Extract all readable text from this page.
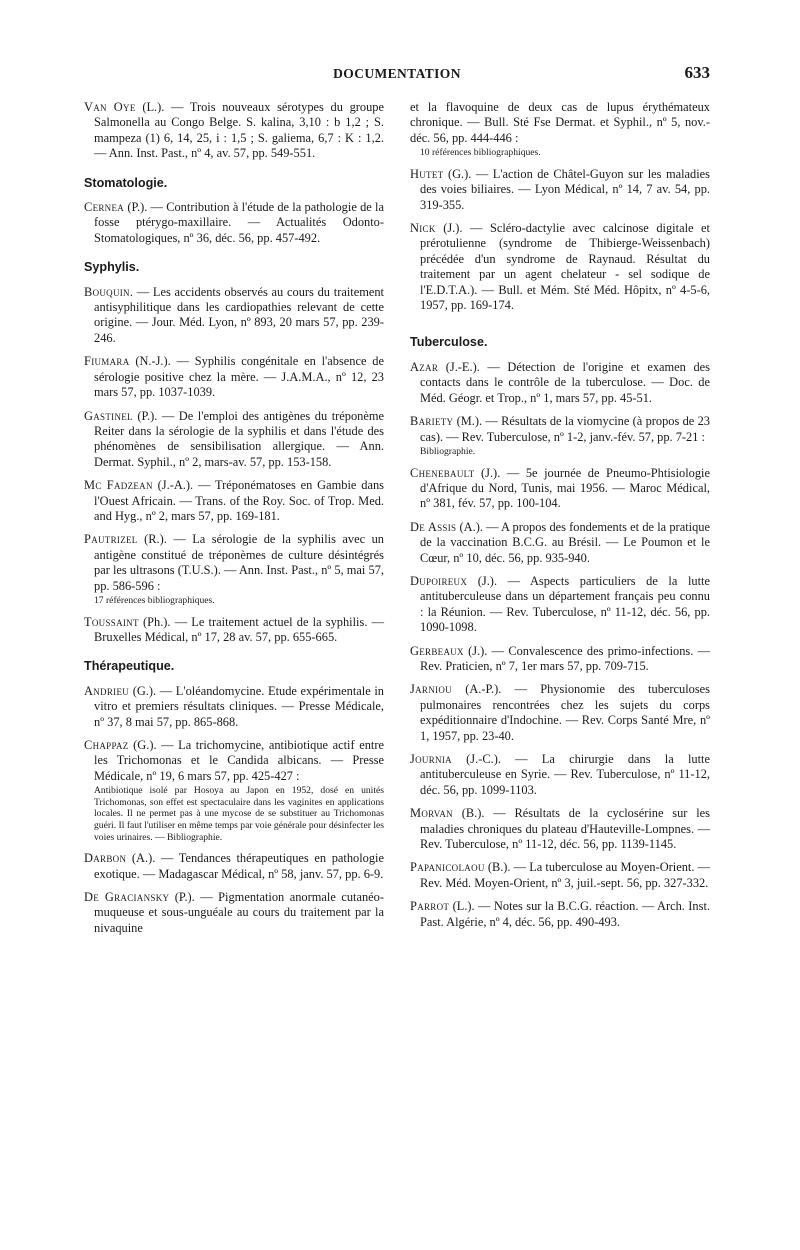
DOCUMENTATION	633

Van Oye (L.). — Trois nouveaux sérotypes du groupe Salmonella au Congo Belge. S. kalina, 3,10 : b 1,2 ; S. mampeza (1) 6, 14, 25, i : 1,5 ; S. galiema, 6,7 : K : 1,2. — Ann. Inst. Past., nº 4, av. 57, pp. 549-551.

Stomatologie.

Cernea (P.). — Contribution à l'étude de la pathologie de la fosse ptérygo-maxillaire. — Actualités Odonto-Stomatologiques, nº 36, déc. 56, pp. 457-492.

Syphylis.

Bouquin. — Les accidents observés au cours du traitement antisyphilitique dans les cardiopathies relevant de cette origine. — Jour. Méd. Lyon, nº 893, 20 mars 57, pp. 239-246.

Fiumara (N.-J.). — Syphilis congénitale en l'absence de sérologie positive chez la mère. — J.A.M.A., nº 12, 23 mars 57, pp. 1037-1039.

Gastinel (P.). — De l'emploi des antigènes du tréponème Reiter dans la sérologie de la syphilis et dans l'étude des phénomènes de sensibilisation allergique. — Ann. Dermat. Syphil., nº 2, mars-av. 57, pp. 153-158.

Mc Fadzean (J.-A.). — Tréponématoses en Gambie dans l'Ouest Africain. — Trans. of the Roy. Soc. of Trop. Med. and Hyg., nº 2, mars 57, pp. 169-181.

Pautrizel (R.). — La sérologie de la syphilis avec un antigène constitué de tréponèmes de culture désintégrés par les ultrasons (T.U.S.). — Ann. Inst. Past., nº 5, mai 57, pp. 586-596 :
17 références bibliographiques.

Toussaint (Ph.). — Le traitement actuel de la syphilis. — Bruxelles Médical, nº 17, 28 av. 57, pp. 655-665.

Thérapeutique.

Andrieu (G.). — L'oléandomycine. Etude expérimentale in vitro et premiers résultats cliniques. — Presse Médicale, nº 37, 8 mai 57, pp. 865-868.

Chappaz (G.). — La trichomycine, antibiotique actif entre les Trichomonas et le Candida albicans. — Presse Médicale, nº 19, 6 mars 57, pp. 425-427 :
Antibiotique isolé par Hosoya au Japon en 1952, dosé en unités Trichomonas, son effet est spectaculaire dans les vaginites en applications locales. Il ne permet pas à une mycose de se substituer au Trichomonas guéri. Il faut l'utiliser en même temps par voie générale pour désinfecter les voies urinaires. — Bibliographie.

Darbon (A.). — Tendances thérapeutiques en pathologie exotique. — Madagascar Médical, nº 58, janv. 57, pp. 6-9.

De Graciansky (P.). — Pigmentation anormale cutanéo-muqueuse et sous-unguéale au cours du traitement par la nivaquine

et la flavoquine de deux cas de lupus érythémateux chronique. — Bull. Sté Fse Dermat. et Syphil., nº 5, nov.-déc. 56, pp. 444-446 :
10 références bibliographiques.

Hutet (G.). — L'action de Châtel-Guyon sur les maladies des voies biliaires. — Lyon Médical, nº 14, 7 av. 54, pp. 319-355.

Nick (J.). — Scléro-dactylie avec calcinose digitale et prérotulienne (syndrome de Thibierge-Weissenbach) précédée d'un syndrome de Raynaud. Résultat du traitement par un agent chelateur - sel sodique de l'E.D.T.A.). — Bull. et Mém. Sté Méd. Hôpitx, nº 4-5-6, 1957, pp. 169-174.

Tuberculose.

Azar (J.-E.). — Détection de l'origine et examen des contacts dans le contrôle de la tuberculose. — Doc. de Méd. Géogr. et Trop., nº 1, mars 57, pp. 45-51.

Bariety (M.). — Résultats de la viomycine (à propos de 23 cas). — Rev. Tuberculose, nº 1-2, janv.-fév. 57, pp. 7-21 :
Bibliographie.

Chenebault (J.). — 5e journée de Pneumo-Phtisiologie d'Afrique du Nord, Tunis, mai 1956. — Maroc Médical, nº 381, fév. 57, pp. 100-104.

De Assis (A.). — A propos des fondements et de la pratique de la vaccination B.C.G. au Brésil. — Le Poumon et le Cœur, nº 10, déc. 56, pp. 935-940.

Dupoireux (J.). — Aspects particuliers de la lutte antituberculeuse dans un département français peu connu : la Réunion. — Rev. Tuberculose, nº 11-12, déc. 56, pp. 1090-1098.

Gerbeaux (J.). — Convalescence des primo-infections. — Rev. Praticien, nº 7, 1er mars 57, pp. 709-715.

Jarniou (A.-P.). — Physionomie des tuberculoses pulmonaires rencontrées chez les sujets du corps expéditionnaire d'Indochine. — Rev. Corps Santé Mre, nº 1, 1957, pp. 23-40.

Journia (J.-C.). — La chirurgie dans la lutte antituberculeuse en Syrie. — Rev. Tuberculose, nº 11-12, déc. 56, pp. 1099-1103.

Morvan (B.). — Résultats de la cyclosérine sur les maladies chroniques du plateau d'Hauteville-Lompnes. — Rev. Tuberculose, nº 11-12, déc. 56, pp. 1139-1145.

Papanicolaou (B.). — La tuberculose au Moyen-Orient. — Rev. Méd. Moyen-Orient, nº 3, juil.-sept. 56, pp. 327-332.

Parrot (L.). — Notes sur la B.C.G. réaction. — Arch. Inst. Past. Algérie, nº 4, déc. 56, pp. 490-493.
